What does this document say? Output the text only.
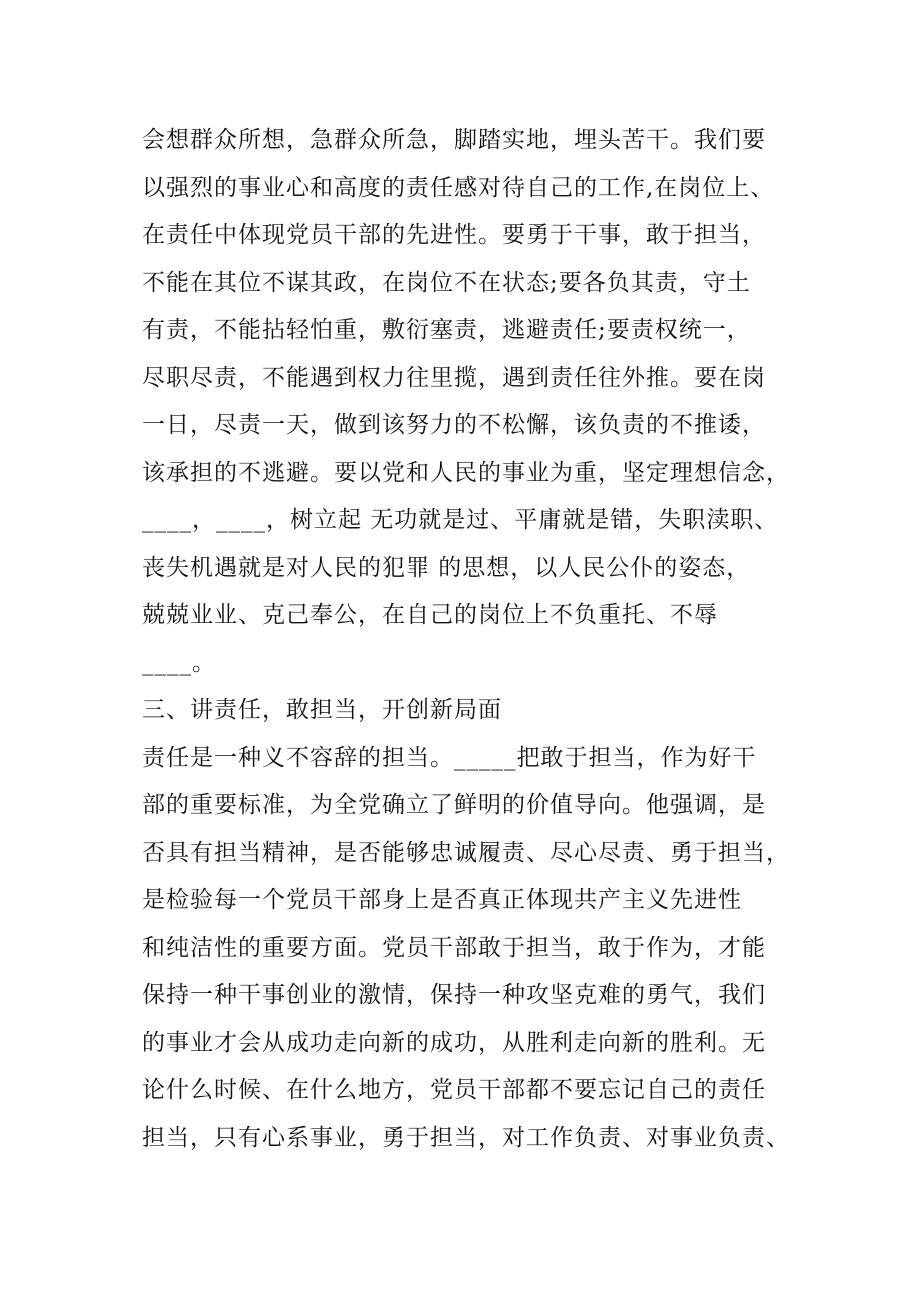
会想群众所想，急群众所急，脚踏实地，埋头苦干。我们要
以强烈的事业心和高度的责任感对待自己的工作,在岗位上、
在责任中体现党员干部的先进性。要勇于干事，敢于担当，
不能在其位不谋其政，在岗位不在状态;要各负其责，守土
有责，不能拈轻怕重，敷衍塞责，逃避责任;要责权统一，
尽职尽责，不能遇到权力往里揽，遇到责任往外推。要在岗
一日，尽责一天，做到该努力的不松懈，该负责的不推诿，
该承担的不逃避。要以党和人民的事业为重，坚定理想信念，
____，____，树立起 无功就是过、平庸就是错，失职渎职、
丧失机遇就是对人民的犯罪 的思想，以人民公仆的姿态，
兢兢业业、克己奉公，在自己的岗位上不负重托、不辱
____。
三、讲责任，敢担当，开创新局面
责任是一种义不容辞的担当。_____把敢于担当，作为好干
部的重要标准，为全党确立了鲜明的价值导向。他强调，是
否具有担当精神，是否能够忠诚履责、尽心尽责、勇于担当，
是检验每一个党员干部身上是否真正体现共产主义先进性
和纯洁性的重要方面。党员干部敢于担当，敢于作为，才能
保持一种干事创业的激情，保持一种攻坚克难的勇气，我们
的事业才会从成功走向新的成功，从胜利走向新的胜利。无
论什么时候、在什么地方，党员干部都不要忘记自己的责任
担当，只有心系事业，勇于担当，对工作负责、对事业负责、
